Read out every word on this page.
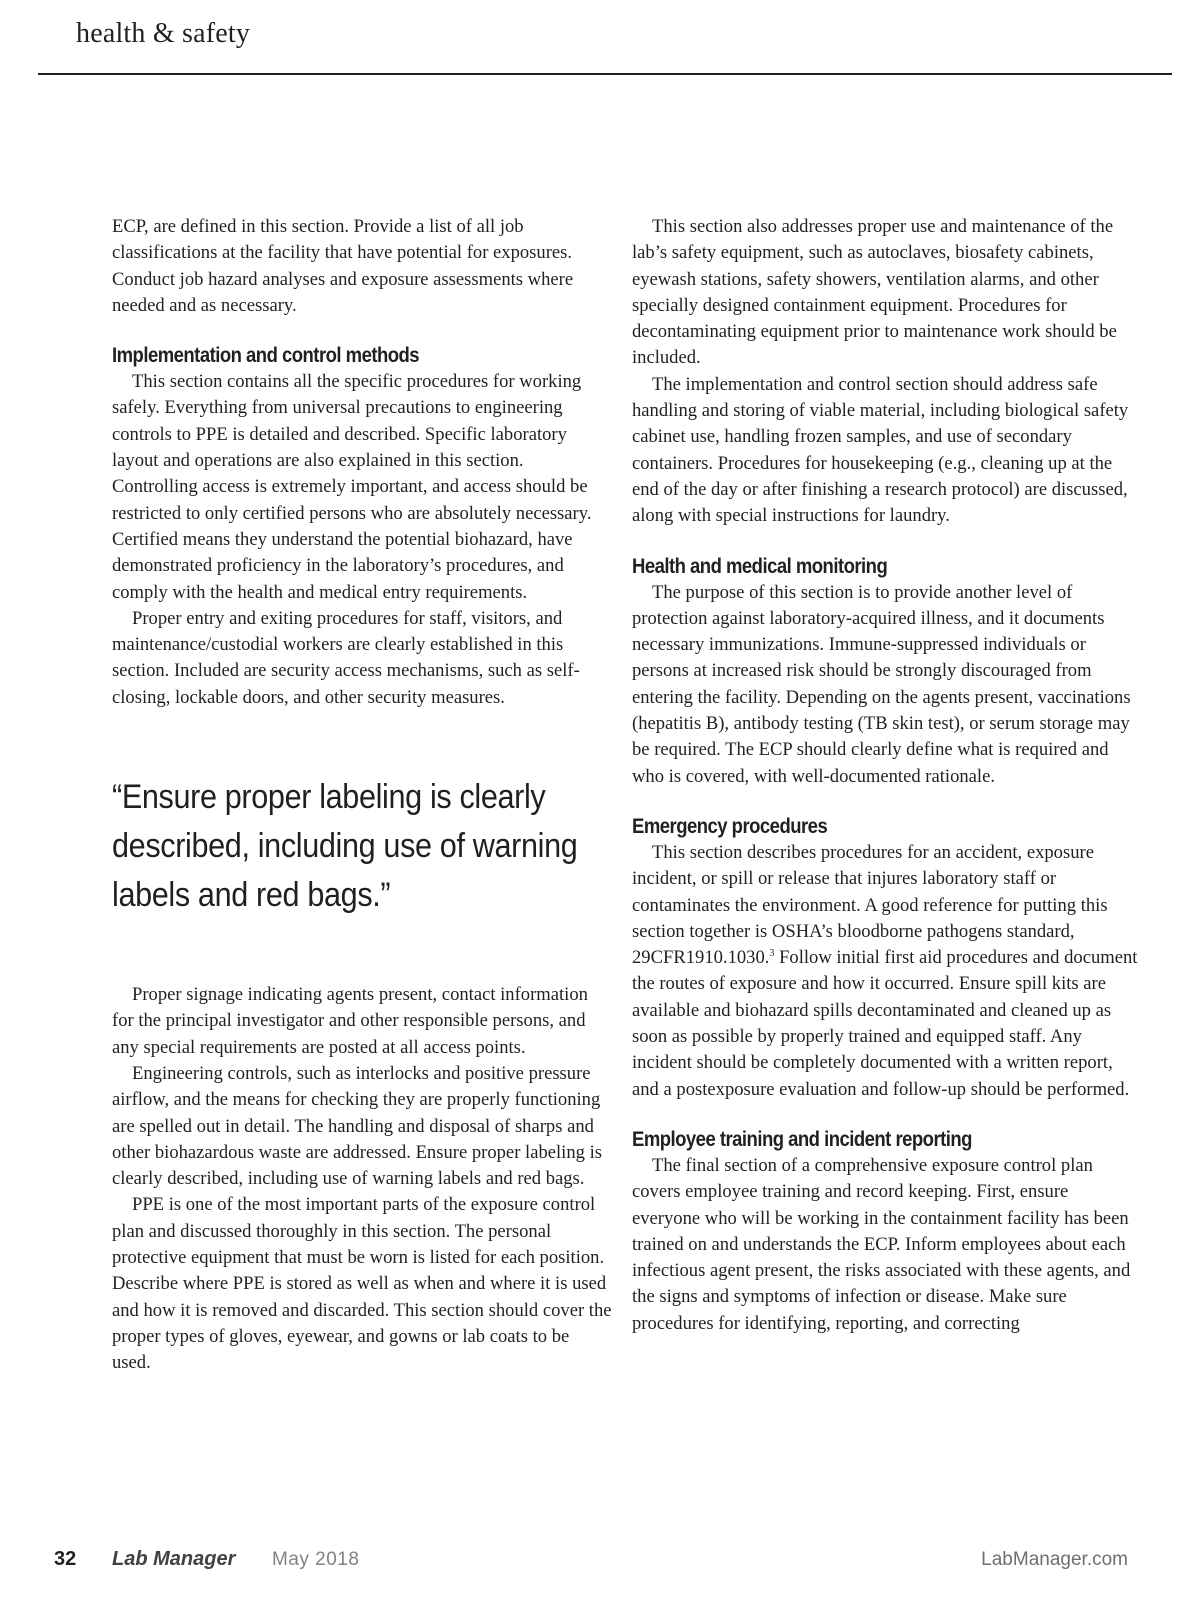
health & safety

ECP, are defined in this section. Provide a list of all job classifications at the facility that have potential for exposures. Conduct job hazard analyses and exposure assessments where needed and as necessary.

Implementation and control methods

This section contains all the specific procedures for working safely. Everything from universal precautions to engineering controls to PPE is detailed and described. Specific laboratory layout and operations are also explained in this section. Controlling access is extremely important, and access should be restricted to only certified persons who are absolutely necessary. Certified means they understand the potential biohazard, have demonstrated proficiency in the laboratory’s procedures, and comply with the health and medical entry requirements.

Proper entry and exiting procedures for staff, visitors, and maintenance/custodial workers are clearly established in this section. Included are security access mechanisms, such as self-closing, lockable doors, and other security measures.

“Ensure proper labeling is clearly described, including use of warning labels and red bags.”

Proper signage indicating agents present, contact information for the principal investigator and other responsible persons, and any special requirements are posted at all access points.

Engineering controls, such as interlocks and positive pressure airflow, and the means for checking they are properly functioning are spelled out in detail. The handling and disposal of sharps and other biohazardous waste are addressed. Ensure proper labeling is clearly described, including use of warning labels and red bags.

PPE is one of the most important parts of the exposure control plan and discussed thoroughly in this section. The personal protective equipment that must be worn is listed for each position. Describe where PPE is stored as well as when and where it is used and how it is removed and discarded. This section should cover the proper types of gloves, eyewear, and gowns or lab coats to be used.

This section also addresses proper use and maintenance of the lab’s safety equipment, such as autoclaves, biosafety cabinets, eyewash stations, safety showers, ventilation alarms, and other specially designed containment equipment. Procedures for decontaminating equipment prior to maintenance work should be included.

The implementation and control section should address safe handling and storing of viable material, including biological safety cabinet use, handling frozen samples, and use of secondary containers. Procedures for housekeeping (e.g., cleaning up at the end of the day or after finishing a research protocol) are discussed, along with special instructions for laundry.

Health and medical monitoring

The purpose of this section is to provide another level of protection against laboratory-acquired illness, and it documents necessary immunizations. Immune-suppressed individuals or persons at increased risk should be strongly discouraged from entering the facility. Depending on the agents present, vaccinations (hepatitis B), antibody testing (TB skin test), or serum storage may be required. The ECP should clearly define what is required and who is covered, with well-documented rationale.

Emergency procedures

This section describes procedures for an accident, exposure incident, or spill or release that injures laboratory staff or contaminates the environment. A good reference for putting this section together is OSHA’s bloodborne pathogens standard, 29CFR1910.1030.$^3$ Follow initial first aid procedures and document the routes of exposure and how it occurred. Ensure spill kits are available and biohazard spills decontaminated and cleaned up as soon as possible by properly trained and equipped staff. Any incident should be completely documented with a written report, and a postexposure evaluation and follow-up should be performed.

Employee training and incident reporting

The final section of a comprehensive exposure control plan covers employee training and record keeping. First, ensure everyone who will be working in the containment facility has been trained on and understands the ECP. Inform employees about each infectious agent present, the risks associated with these agents, and the signs and symptoms of infection or disease. Make sure procedures for identifying, reporting, and correcting

32 Lab Manager May 2018	LabManager.com
